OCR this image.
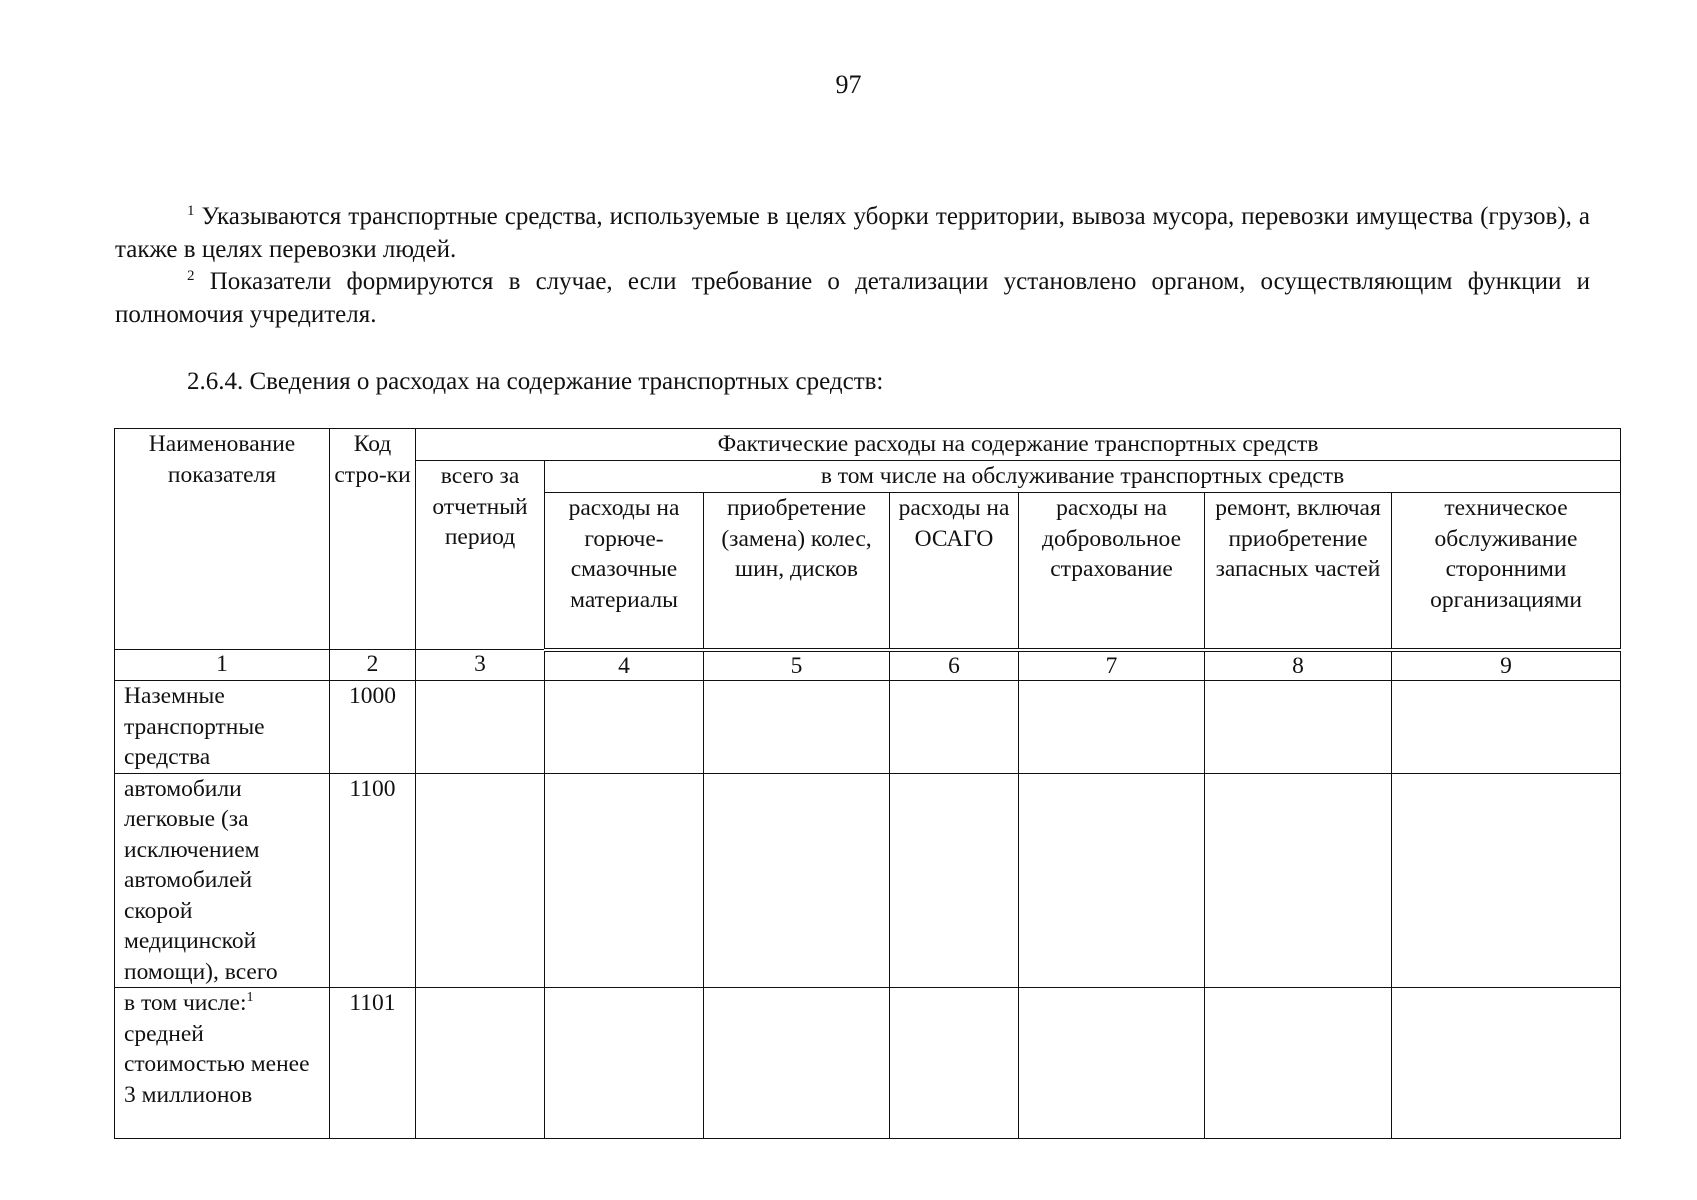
97

$^1$ Указываются транспортные средства, используемые в целях уборки территории, вывоза мусора, перевозки имущества (грузов), а также в целях перевозки людей.

$^2$ Показатели формируются в случае, если требование о детализации установлено органом, осуществляющим функции и полномочия учредителя.

2.6.4. Сведения о расходах на содержание транспортных средств:

Наименование показателя	Код стро-ки	Фактические расходы на содержание транспортных средств						
		всего за отчетный период	в том числе на обслуживание транспортных средств					
			расходы на горюче-смазочные материалы	приобретение (замена) колес, шин, дисков	расходы на ОСАГО	расходы на добровольное страхование	ремонт, включая приобретение запасных частей	техническое обслуживание сторонними организациями
1	2	3	4	5	6	7	8	9
Наземные транспортные средства	1000							
автомобили легковые (за исключением автомобилей скорой медицинской помощи), всего	1100							
в том числе:$^1$ средней стоимостью менее 3 миллионов	1101							
